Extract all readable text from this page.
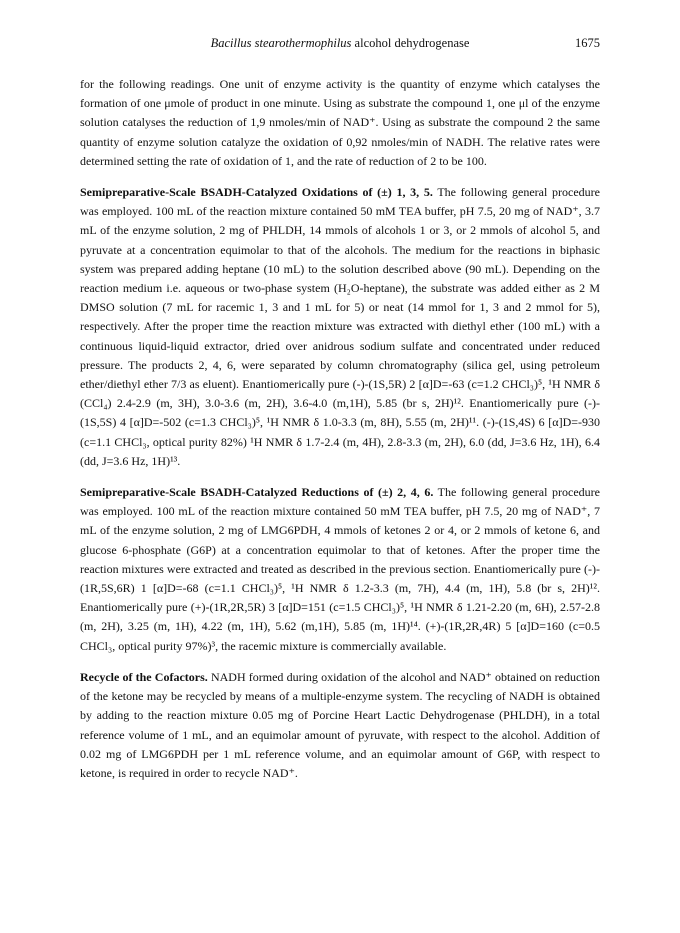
Bacillus stearothermophilus alcohol dehydrogenase	1675

for the following readings. One unit of enzyme activity is the quantity of enzyme which catalyses the formation of one μmole of product in one minute. Using as substrate the compound 1, one μl of the enzyme solution catalyses the reduction of 1,9 nmoles/min of NAD⁺. Using as substrate the compound 2 the same quantity of enzyme solution catalyze the oxidation of 0,92 nmoles/min of NADH. The relative rates were determined setting the rate of oxidation of 1, and the rate of reduction of 2 to be 100.

Semipreparative-Scale BSADH-Catalyzed Oxidations of (±) 1, 3, 5. The following general procedure was employed. 100 mL of the reaction mixture contained 50 mM TEA buffer, pH 7.5, 20 mg of NAD⁺, 3.7 mL of the enzyme solution, 2 mg of PHLDH, 14 mmols of alcohols 1 or 3, or 2 mmols of alcohol 5, and pyruvate at a concentration equimolar to that of the alcohols. The medium for the reactions in biphasic system was prepared adding heptane (10 mL) to the solution described above (90 mL). Depending on the reaction medium i.e. aqueous or two-phase system (H₂O-heptane), the substrate was added either as 2 M DMSO solution (7 mL for racemic 1, 3 and 1 mL for 5) or neat (14 mmol for 1, 3 and 2 mmol for 5), respectively. After the proper time the reaction mixture was extracted with diethyl ether (100 mL) with a continuous liquid-liquid extractor, dried over anidrous sodium sulfate and concentrated under reduced pressure. The products 2, 4, 6, were separated by column chromatography (silica gel, using petroleum ether/diethyl ether 7/3 as eluent). Enantiomerically pure (-)-(1S,5R) 2 [α]D=-63 (c=1.2 CHCl₃)⁵, ¹H NMR δ (CCl₄) 2.4-2.9 (m, 3H), 3.0-3.6 (m, 2H), 3.6-4.0 (m,1H), 5.85 (br s, 2H)¹². Enantiomerically pure (-)-(1S,5S) 4 [α]D=-502 (c=1.3 CHCl₃)⁵, ¹H NMR δ 1.0-3.3 (m, 8H), 5.55 (m, 2H)¹¹. (-)-(1S,4S) 6 [α]D=-930 (c=1.1 CHCl₃, optical purity 82%) ¹H NMR δ 1.7-2.4 (m, 4H), 2.8-3.3 (m, 2H), 6.0 (dd, J=3.6 Hz, 1H), 6.4 (dd, J=3.6 Hz, 1H)¹³.

Semipreparative-Scale BSADH-Catalyzed Reductions of (±) 2, 4, 6. The following general procedure was employed. 100 mL of the reaction mixture contained 50 mM TEA buffer, pH 7.5, 20 mg of NAD⁺, 7 mL of the enzyme solution, 2 mg of LMG6PDH, 4 mmols of ketones 2 or 4, or 2 mmols of ketone 6, and glucose 6-phosphate (G6P) at a concentration equimolar to that of ketones. After the proper time the reaction mixtures were extracted and treated as described in the previous section. Enantiomerically pure (-)-(1R,5S,6R) 1 [α]D=-68 (c=1.1 CHCl₃)⁵, ¹H NMR δ 1.2-3.3 (m, 7H), 4.4 (m, 1H), 5.8 (br s, 2H)¹². Enantiomerically pure (+)-(1R,2R,5R) 3 [α]D=151 (c=1.5 CHCl₃)⁵, ¹H NMR δ 1.21-2.20 (m, 6H), 2.57-2.8 (m, 2H), 3.25 (m, 1H), 4.22 (m, 1H), 5.62 (m,1H), 5.85 (m, 1H)¹⁴. (+)-(1R,2R,4R) 5 [α]D=160 (c=0.5 CHCl₃, optical purity 97%)³, the racemic mixture is commercially available.

Recycle of the Cofactors. NADH formed during oxidation of the alcohol and NAD⁺ obtained on reduction of the ketone may be recycled by means of a multiple-enzyme system. The recycling of NADH is obtained by adding to the reaction mixture 0.05 mg of Porcine Heart Lactic Dehydrogenase (PHLDH), in a total reference volume of 1 mL, and an equimolar amount of pyruvate, with respect to the alcohol. Addition of 0.02 mg of LMG6PDH per 1 mL reference volume, and an equimolar amount of G6P, with respect to ketone, is required in order to recycle NAD⁺.
